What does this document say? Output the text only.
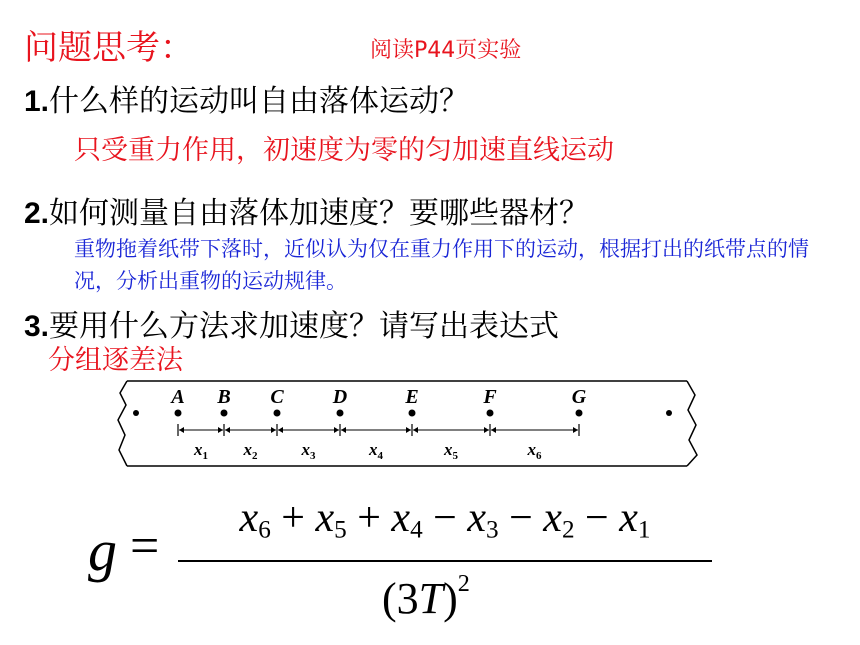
问题思考：	阅读P44页实验
1.什么样的运动叫自由落体运动？
只受重力作用，初速度为零的匀加速直线运动
2.如何测量自由落体加速度？要哪些器材？
重物拖着纸带下落时，近似认为仅在重力作用下的运动，根据打出的纸带点的情况，分析出重物的运动规律。
3.要用什么方法求加速度？请写出表达式
分组逐差法
A B C D	E	F	G
$x_1$ $x_2$	$x_3$	$x_4$	$x_5$	$x_6$
g =	$x_6 + x_5 + x_4 - x_3 - x_2 - x_1$
$(3T)^2$
